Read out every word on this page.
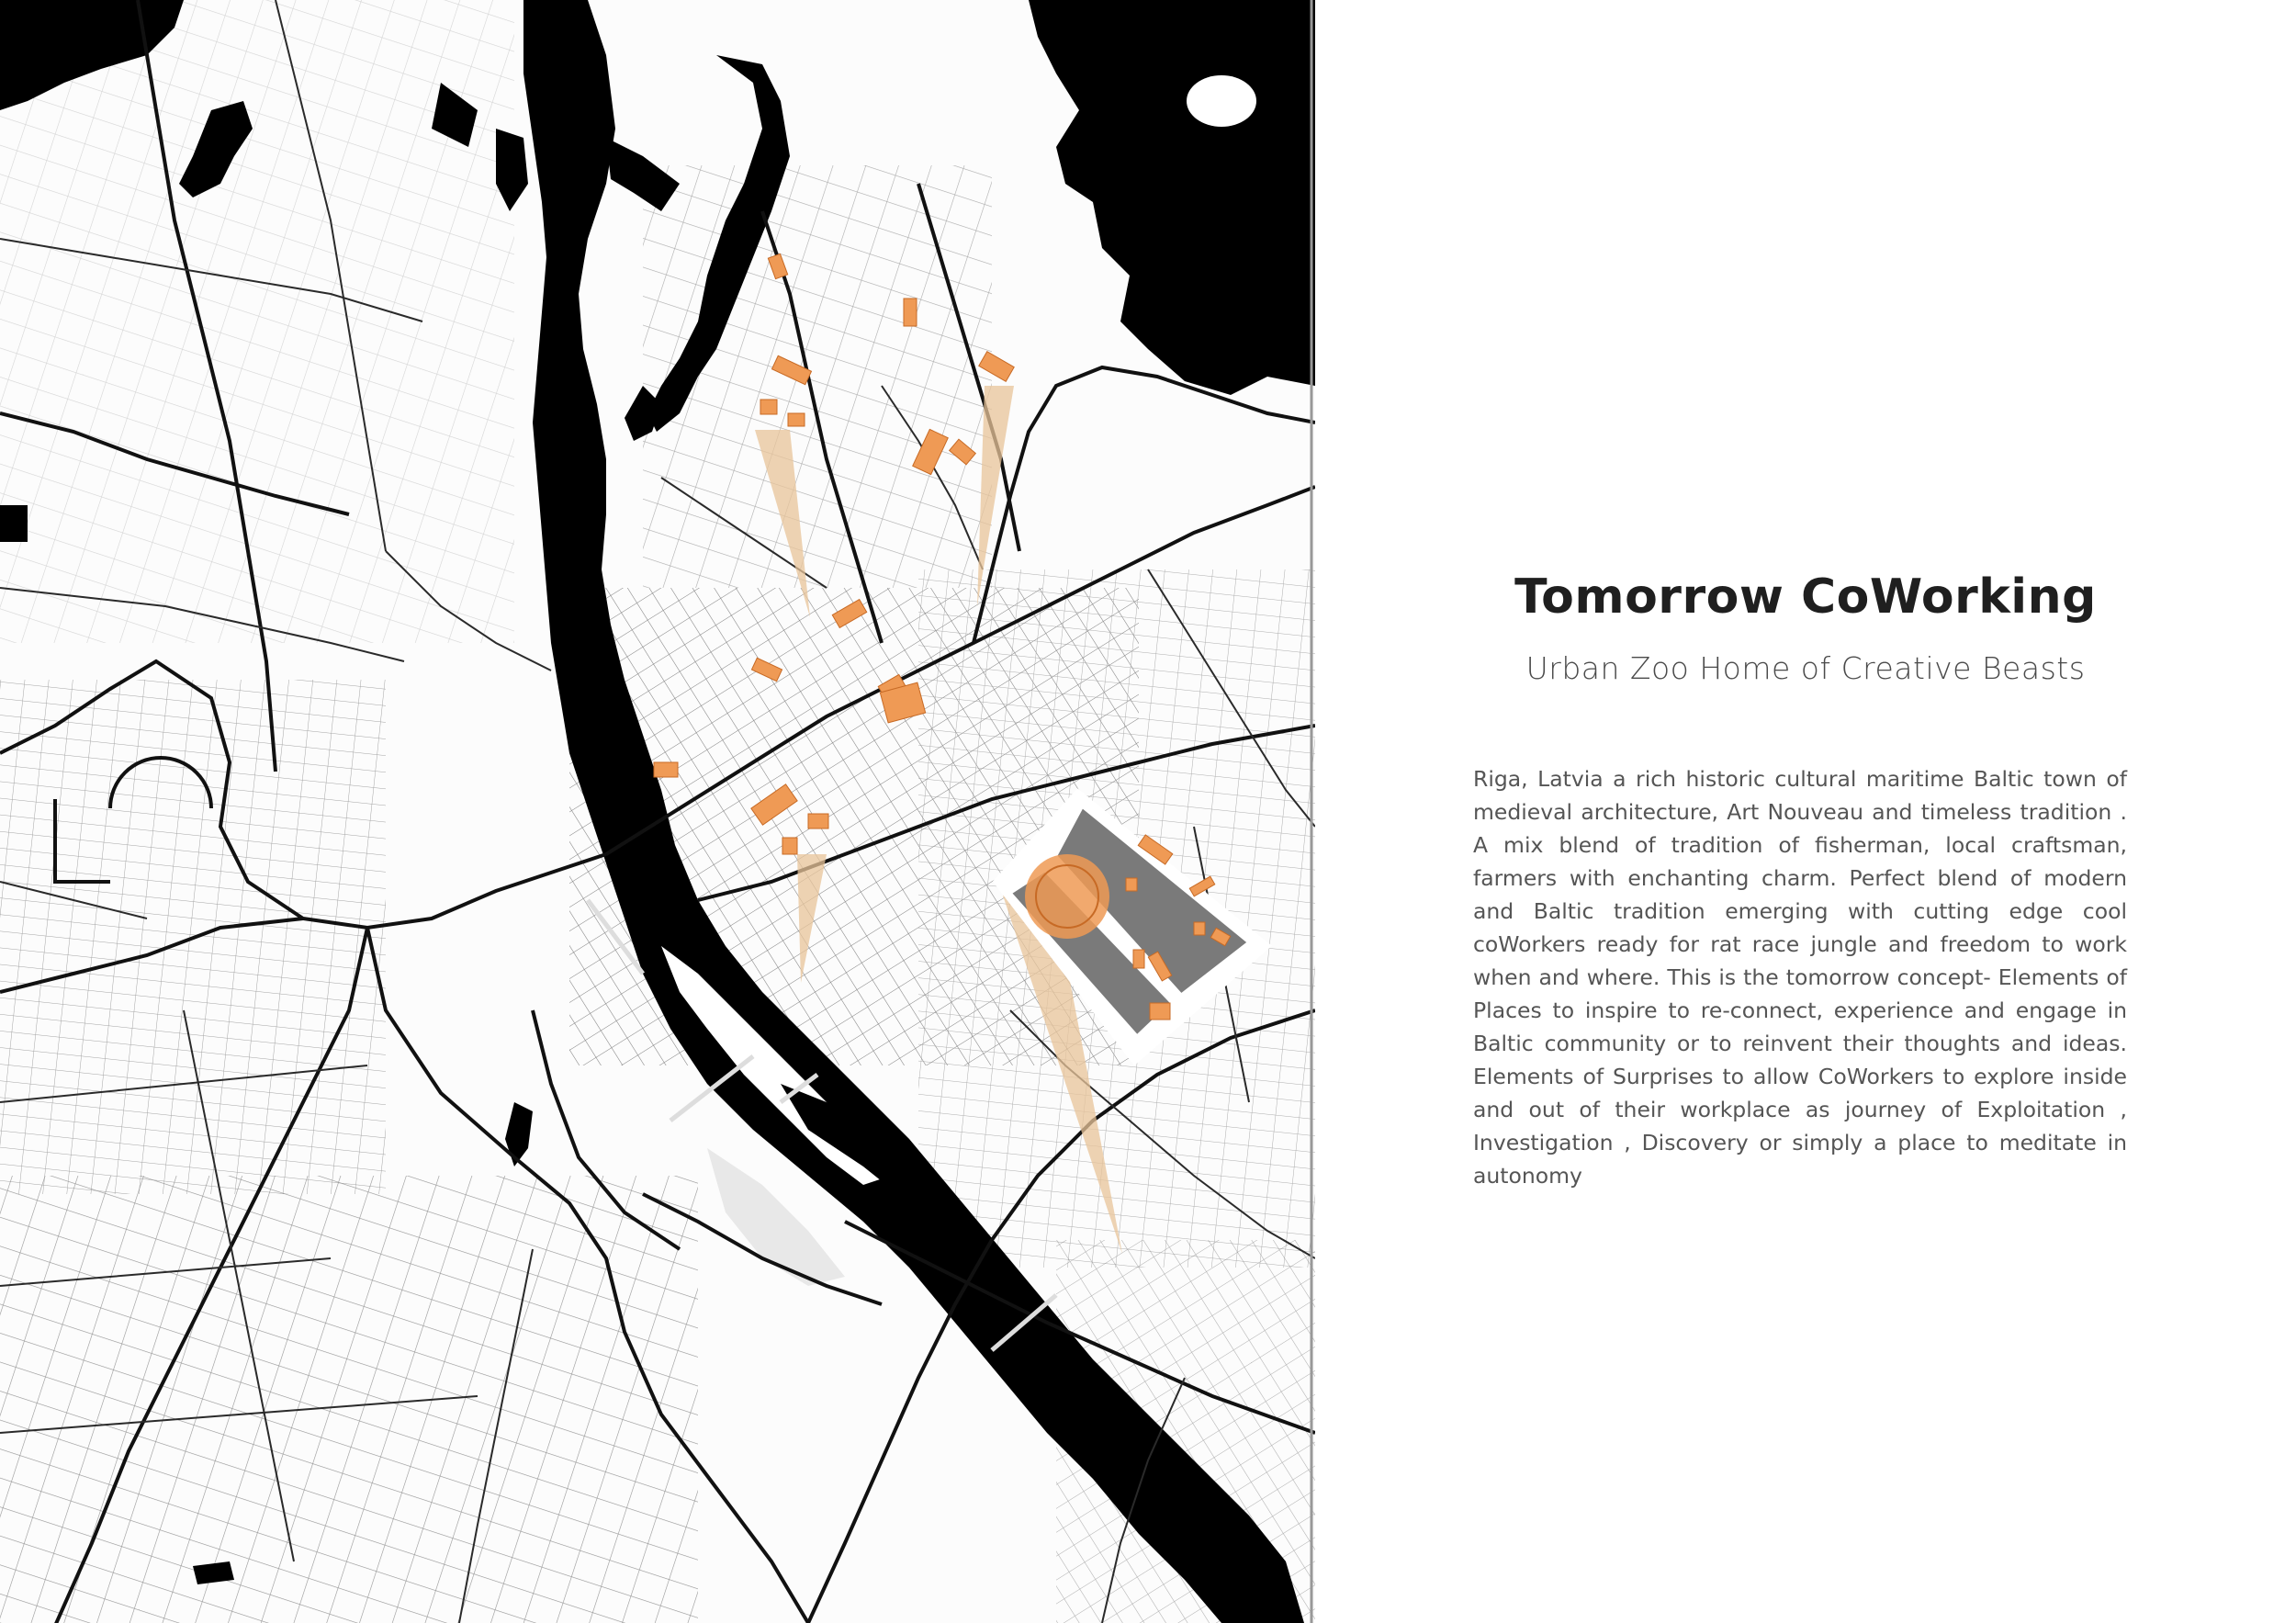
Tomorrow CoWorking
Urban Zoo Home of Creative Beasts
Riga, Latvia a rich historic cultural maritime Baltic town of medieval architecture, Art Nouveau and timeless tradition . A mix blend of tradition of fisherman, local craftsman, farmers with enchanting charm. Perfect blend of modern and Baltic tradition emerging with cutting edge cool coWorkers ready for rat race jungle and freedom to work when and where. This is the tomorrow concept- Elements of Places to inspire to re-connect, experience and engage in Baltic community or to reinvent their thoughts and ideas. Elements of Surprises to allow CoWorkers to explore inside and out of their workplace as journey of Exploitation , Investigation , Discovery or simply a place to meditate in autonomy
